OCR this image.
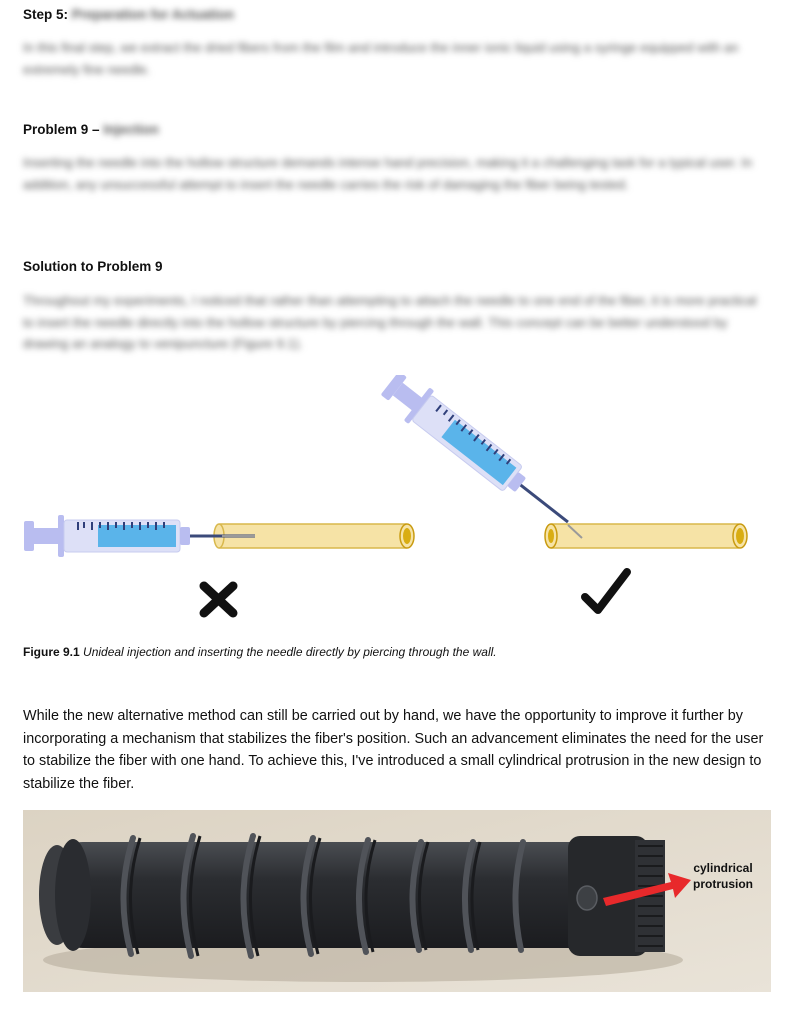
Step 5: Preparation for Actuation

In this final step, we extract the dried fibers from the film and introduce the inner ionic liquid using a syringe equipped with an extremely fine needle.

Problem 9 – Injection

Inserting the needle into the hollow structure demands intense hand precision, making it a challenging task for a typical user. In addition, any unsuccessful attempt to insert the needle carries the risk of damaging the fiber being tested.

Solution to Problem 9

Throughout my experiments, I noticed that rather than attempting to attach the needle to one end of the fiber, it is more practical to insert the needle directly into the hollow structure by piercing through the wall. This concept can be better understood by drawing an analogy to venipuncture (Figure 9.1).

Figure 9.1 Unideal injection and inserting the needle directly by piercing through the wall.

While the new alternative method can still be carried out by hand, we have the opportunity to improve it further by incorporating a mechanism that stabilizes the fiber's position. Such an advancement eliminates the need for the user to stabilize the fiber with one hand. To achieve this, I've introduced a small cylindrical protrusion in the new design to stabilize the fiber.

cylindrical
protrusion
